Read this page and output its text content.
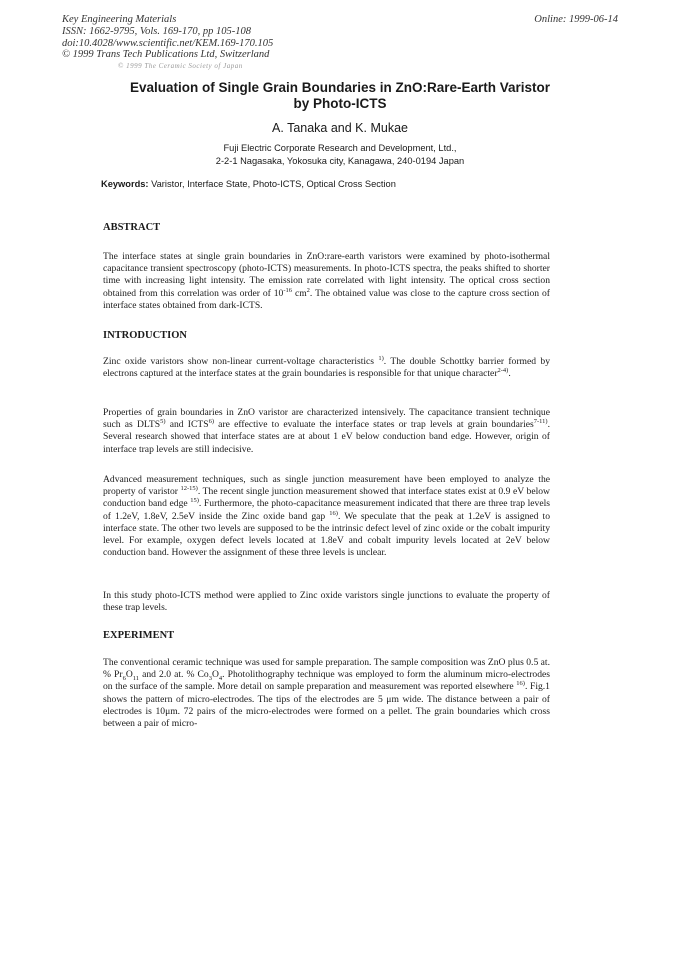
Key Engineering Materials
ISSN: 1662-9795, Vols. 169-170, pp 105-108
doi:10.4028/www.scientific.net/KEM.169-170.105
© 1999 Trans Tech Publications Ltd, Switzerland
Online: 1999-06-14
© 1999 The Ceramic Society of Japan
Evaluation of Single Grain Boundaries in ZnO:Rare-Earth Varistor
by Photo-ICTS
A. Tanaka and K. Mukae
Fuji Electric Corporate Research and Development, Ltd.,
2-2-1 Nagasaka, Yokosuka city, Kanagawa, 240-0194 Japan
Keywords: Varistor, Interface State, Photo-ICTS, Optical Cross Section
ABSTRACT
The interface states at single grain boundaries in ZnO:rare-earth varistors were examined by photo-isothermal capacitance transient spectroscopy (photo-ICTS) measurements. In photo-ICTS spectra, the peaks shifted to shorter time with increasing light intensity. The emission rate correlated with light intensity. The optical cross section obtained from this correlation was order of $10^{-16}$ $cm^2$. The obtained value was close to the capture cross section of interface states obtained from dark-ICTS.
INTRODUCTION
Zinc oxide varistors show non-linear current-voltage characteristics $^{1)}$. The double Schottky barrier formed by electrons captured at the interface states at the grain boundaries is responsible for that unique character$^{2-4)}$.
Properties of grain boundaries in ZnO varistor are characterized intensively. The capacitance transient technique such as DLTS$^{5)}$ and ICTS$^{6)}$ are effective to evaluate the interface states or trap levels at grain boundaries$^{7-11)}$. Several research showed that interface states are at about 1 eV below conduction band edge. However, origin of interface trap levels are still indecisive.
Advanced measurement techniques, such as single junction measurement have been employed to analyze the property of varistor $^{12-15)}$. The recent single junction measurement showed that interface states exist at 0.9 eV below conduction band edge $^{15)}$. Furthermore, the photo-capacitance measurement indicated that there are three trap levels of 1.2eV, 1.8eV, 2.5eV inside the Zinc oxide band gap $^{16)}$. We speculate that the peak at 1.2eV is assigned to interface state. The other two levels are supposed to be the intrinsic defect level of zinc oxide or the cobalt impurity level. For example, oxygen defect levels located at 1.8eV and cobalt impurity levels located at 2eV below conduction band. However the assignment of these three levels is unclear.
In this study photo-ICTS method were applied to Zinc oxide varistors single junctions to evaluate the property of these trap levels.
EXPERIMENT
The conventional ceramic technique was used for sample preparation. The sample composition was ZnO plus 0.5 at. % $Pr_6O_{11}$ and 2.0 at. % $Co_3O_4$. Photolithography technique was employed to form the aluminum micro-electrodes on the surface of the sample. More detail on sample preparation and measurement was reported elsewhere $^{16)}$. Fig.1 shows the pattern of micro-electrodes. The tips of the electrodes are 5 μm wide. The distance between a pair of electrodes is 10μm. 72 pairs of the micro-electrodes were formed on a pellet. The grain boundaries which cross between a pair of micro-
